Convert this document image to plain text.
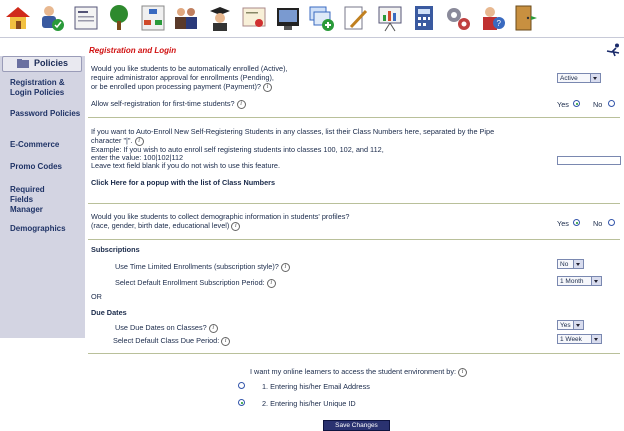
?
Policies
Registration & Login Policies
Password Policies
E-Commerce
Promo Codes
Required Fields Manager
Demographics
Registration and Login
Would you like students to be automatically enrolled (Active),
require administrator approval for enrollments (Pending),
or be enrolled upon processing payment (Payment)? i
Active
Allow self-registration for first-time students? i	Yes	No
If you want to Auto-Enroll New Self-Registering Students in any classes, list their Class Numbers here, separated by the Pipe
character "|". i
Example: If you wish to auto enroll self registering students into classes 100, 102, and 112,
enter the value: 100|102|112
Leave text field blank if you do not wish to use this feature.
Click Here for a popup with the list of Class Numbers
Would you like students to collect demographic information in students' profiles?
(race, gender, birth date, educational level) i	Yes	No
Subscriptions
Use Time Limited Enrollments (subscription style)? i	No
Select Default Enrollment Subscription Period: i	1 Month
OR
Due Dates
Use Due Dates on Classes? i	Yes
Select Default Class Due Period: i	1 Week
I want my online learners to access the student environment by: i
1. Entering his/her Email Address
2. Entering his/her Unique ID
Save Changes
